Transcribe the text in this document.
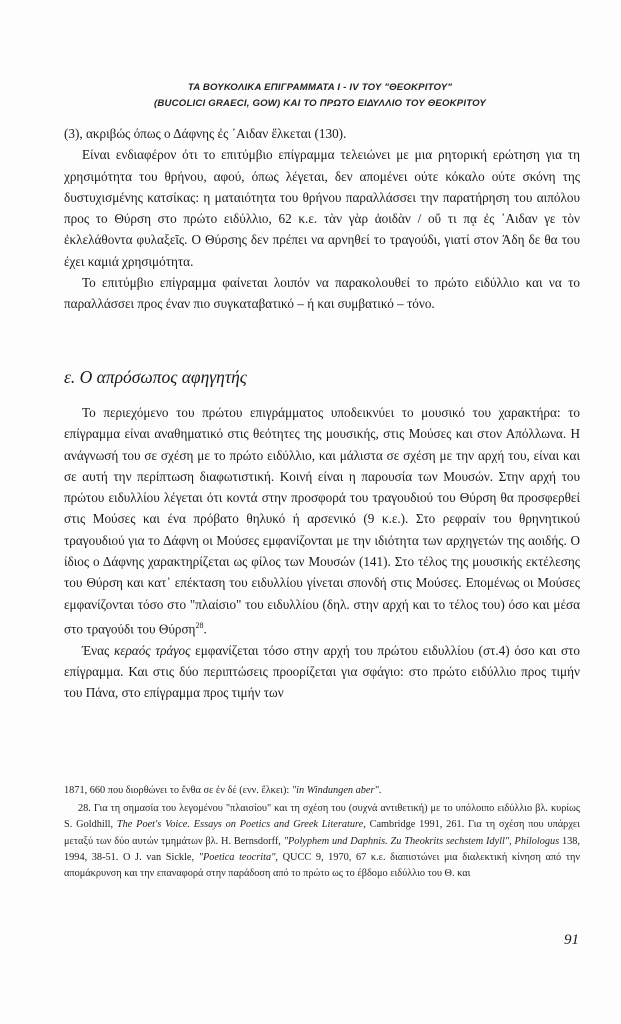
ΤΑ ΒΟΥΚΟΛΙΚΑ ΕΠΙΓΡΑΜΜΑΤΑ I - IV ΤΟΥ "ΘΕΟΚΡΙΤΟΥ"
(BUCOLICI GRAECI, GOW) ΚΑΙ ΤΟ ΠΡΩΤΟ ΕΙΔΥΛΛΙΟ ΤΟΥ ΘΕΟΚΡΙΤΟΥ

(3), ακριβώς όπως ο Δάφνης ἐς ᾽Αιδαν ἕλκεται (130).

Είναι ενδιαφέρον ότι το επιτύμβιο επίγραμμα τελειώνει με μια ρητορική ερώτηση για τη χρησιμότητα του θρήνου, αφού, όπως λέγεται, δεν απομένει ούτε κόκαλο ούτε σκόνη της δυστυχισμένης κατσίκας: η ματαιότητα του θρήνου παραλλάσσει την παρατήρηση του αιπόλου προς το Θύρση στο πρώτο ειδύλλιο, 62 κ.ε. τὰν γὰρ ἀοιδὰν / οὔ τι πᾳ ἐς ᾽Αιδαν γε τὸν ἐκλελάθοντα φυλαξεῖς. Ο Θύρσης δεν πρέπει να αρνηθεί το τραγούδι, γιατί στον Άδη δε θα του έχει καμιά χρησιμότητα.

Το επιτύμβιο επίγραμμα φαίνεται λοιπόν να παρακολουθεί το πρώτο ειδύλλιο και να το παραλλάσσει προς έναν πιο συγκαταβατικό – ή και συμβατικό – τόνο.

ε. Ο απρόσωπος αφηγητής

Το περιεχόμενο του πρώτου επιγράμματος υποδεικνύει το μουσικό του χαρακτήρα: το επίγραμμα είναι αναθηματικό στις θεότητες της μουσικής, στις Μούσες και στον Απόλλωνα. Η ανάγνωσή του σε σχέση με το πρώτο ειδύλλιο, και μάλιστα σε σχέση με την αρχή του, είναι και σε αυτή την περίπτωση διαφωτιστική. Κοινή είναι η παρουσία των Μουσών. Στην αρχή του πρώτου ειδυλλίου λέγεται ότι κοντά στην προσφορά του τραγουδιού του Θύρση θα προσφερθεί στις Μούσες και ένα πρόβατο θηλυκό ή αρσενικό (9 κ.ε.). Στο ρεφραίν του θρηνητικού τραγουδιού για το Δάφνη οι Μούσες εμφανίζονται με την ιδιότητα των αρχηγετών της αοιδής. Ο ίδιος ο Δάφνης χαρακτηρίζεται ως φίλος των Μουσών (141). Στο τέλος της μουσικής εκτέλεσης του Θύρση και κατ᾽ επέκταση του ειδυλλίου γίνεται σπονδή στις Μούσες. Επομένως οι Μούσες εμφανίζονται τόσο στο "πλαίσιο" του ειδυλλίου (δηλ. στην αρχή και το τέλος του) όσο και μέσα στο τραγούδι του Θύρση$^{28}$.

Ένας κεραός τράγος εμφανίζεται τόσο στην αρχή του πρώτου ειδυλλίου (στ.4) όσο και στο επίγραμμα. Και στις δύο περιπτώσεις προορίζεται για σφάγιο: στο πρώτο ειδύλλιο προς τιμήν του Πάνα, στο επίγραμμα προς τιμήν των

1871, 660 που διορθώνει το ἔνθα σε ἐν δέ (ενν. ἕλκει): "in Windungen aber".
28. Για τη σημασία του λεγομένου "πλαισίου" και τη σχέση του (συχνά αντιθετική) με το υπόλοιπο ειδύλλιο βλ. κυρίως S. Goldhill, The Poet's Voice. Essays on Poetics and Greek Literature, Cambridge 1991, 261. Για τη σχέση που υπάρχει μεταξύ των δύο αυτών τμημάτων βλ. H. Bernsdorff, "Polyphem und Daphnis. Zu Theokrits sechstem Idyll", Philologus 138, 1994, 38-51. O J. van Sickle, "Poetica teocrita", QUCC 9, 1970, 67 κ.ε. διαπιστώνει μια διαλεκτική κίνηση από την απομάκρυνση και την επαναφορά στην παράδοση από το πρώτο ως το έβδομο ειδύλλιο του Θ. και
91
